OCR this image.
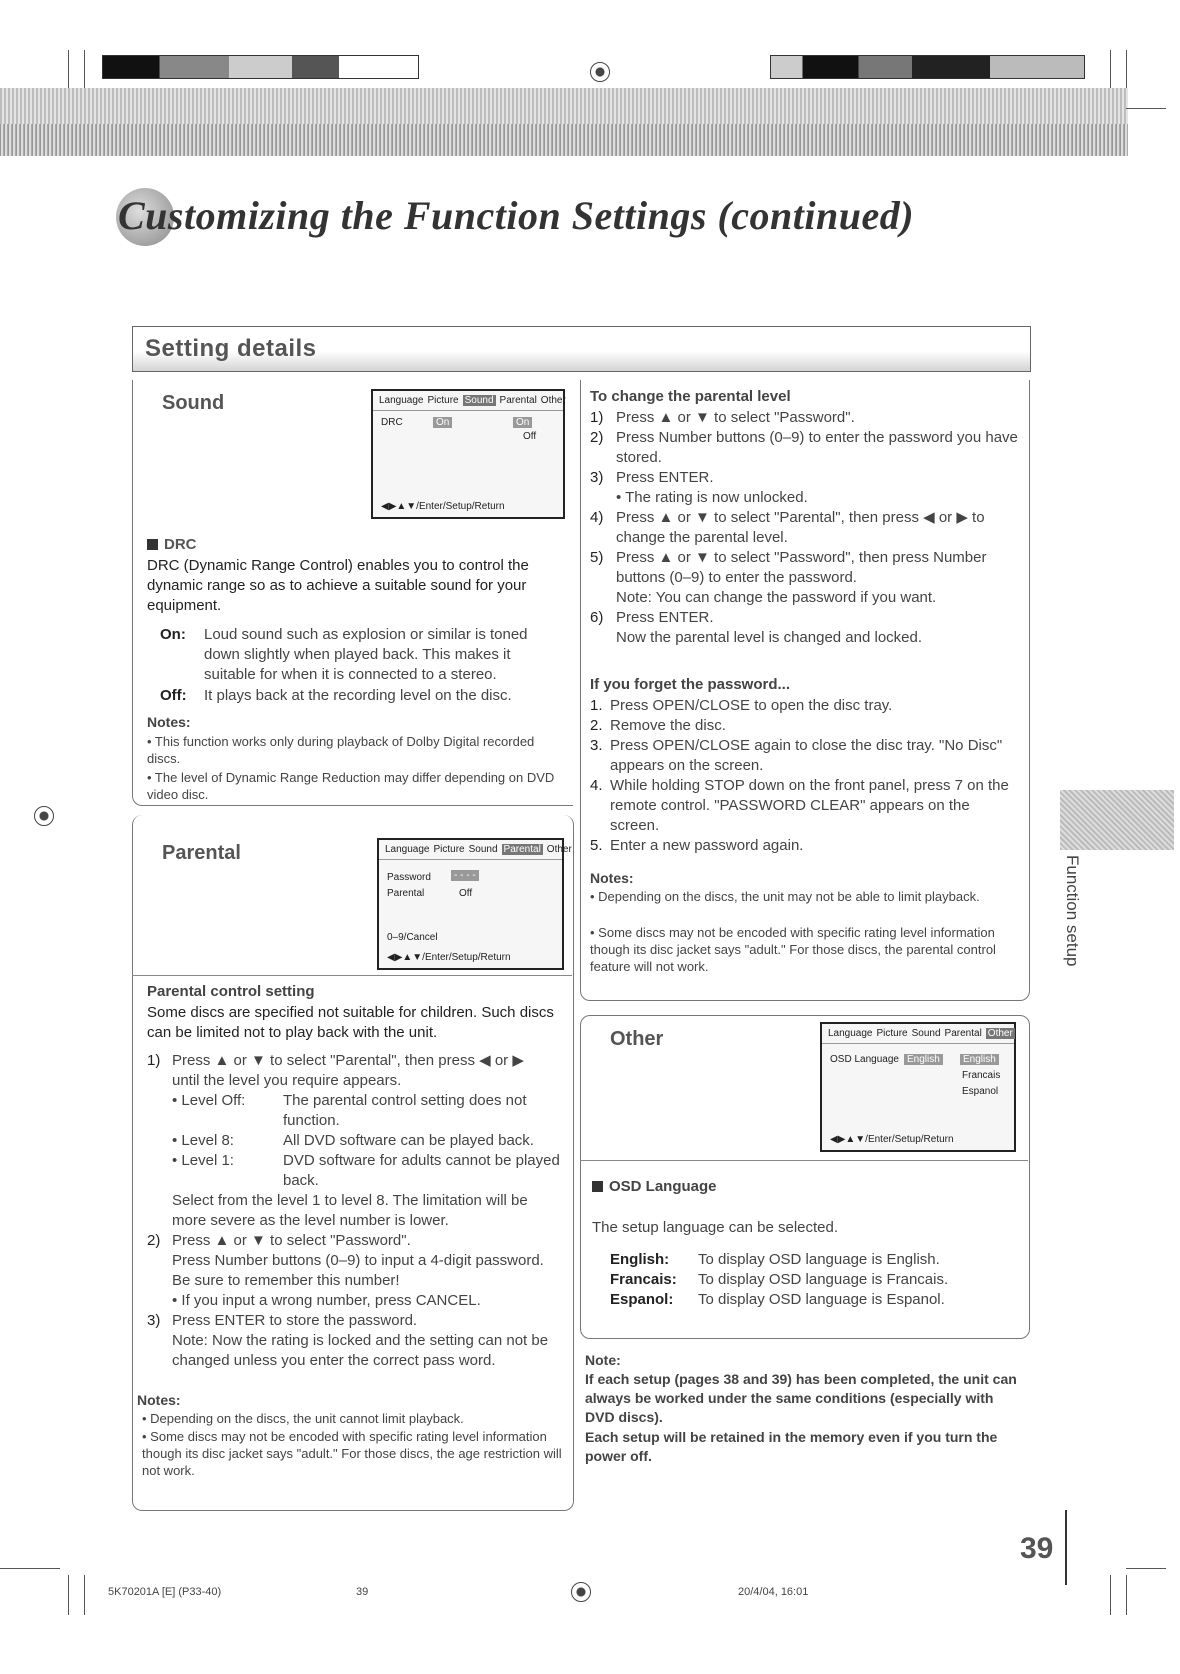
Customizing the Function Settings (continued)
Setting details
Sound	Language Picture Sound Parental Other
DRC	On	On
Off
◀▶▲▼/Enter/Setup/Return
DRC
DRC (Dynamic Range Control) enables you to control the dynamic range so as to achieve a suitable sound for your equipment.
On: Loud sound such as explosion or similar is toned down slightly when played back. This makes it suitable for when it is connected to a stereo.
Off: It plays back at the recording level on the disc.
Notes:
• This function works only during playback of Dolby Digital recorded discs.
• The level of Dynamic Range Reduction may differ depending on DVD video disc.
Parental	Language Picture Sound Parental Other
Password	- - - -
Parental	Off
0–9/Cancel
◀▶▲▼/Enter/Setup/Return
Parental control setting
Some discs are specified not suitable for children. Such discs can be limited not to play back with the unit.
1) Press ▲ or ▼ to select "Parental", then press ◀ or ▶ until the level you require appears.
• Level Off:	The parental control setting does not function.
• Level 8:	All DVD software can be played back.
• Level 1:	DVD software for adults cannot be played back.
Select from the level 1 to level 8. The limitation will be more severe as the level number is lower.
2) Press ▲ or ▼ to select "Password".
Press Number buttons (0–9) to input a 4-digit password. Be sure to remember this number!
• If you input a wrong number, press CANCEL.
3) Press ENTER to store the password.
Note: Now the rating is locked and the setting can not be changed unless you enter the correct pass word.
Notes:
• Depending on the discs, the unit cannot limit playback.
• Some discs may not be encoded with specific rating level information though its disc jacket says "adult." For those discs, the age restriction will not work.
To change the parental level
1) Press ▲ or ▼ to select "Password".
2) Press Number buttons (0–9) to enter the password you have stored.
3) Press ENTER.
• The rating is now unlocked.
4) Press ▲ or ▼ to select "Parental", then press ◀ or ▶ to change the parental level.
5) Press ▲ or ▼ to select "Password", then press Number buttons (0–9) to enter the password.
Note: You can change the password if you want.
6) Press ENTER.
Now the parental level is changed and locked.
If you forget the password...
1. Press OPEN/CLOSE to open the disc tray.
2. Remove the disc.
3. Press OPEN/CLOSE again to close the disc tray. "No Disc" appears on the screen.
4. While holding STOP down on the front panel, press 7 on the remote control. "PASSWORD CLEAR" appears on the screen.
5. Enter a new password again.
Notes:
• Depending on the discs, the unit may not be able to limit playback.
• Some discs may not be encoded with specific rating level information though its disc jacket says "adult." For those discs, the parental control feature will not work.
Other	Language Picture Sound Parental Other
OSD Language English	English
Francais
Espanol
◀▶▲▼/Enter/Setup/Return
OSD Language
The setup language can be selected.
English:	To display OSD language is English.
Francais:	To display OSD language is Francais.
Espanol:	To display OSD language is Espanol.
Note:
If each setup (pages 38 and 39) has been completed, the unit can always be worked under the same conditions (especially with DVD discs).
Each setup will be retained in the memory even if you turn the power off.
Function setup
39
5K70201A [E] (P33-40)	39	20/4/04, 16:01
